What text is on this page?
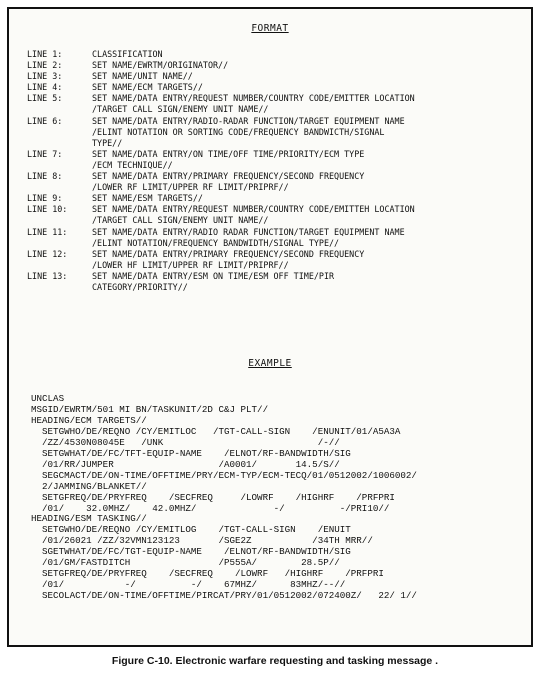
FORMAT
LINE 1:	CLASSIFICATION
LINE 2:	SET NAME/EWRTM/ORIGINATOR//
LINE 3:	SET NAME/UNIT NAME//
LINE 4:	SET NAME/ECM TARGETS//
LINE 5:	SET NAME/DATA ENTRY/REQUEST NUMBER/COUNTRY CODE/EMITTER LOCATION
/TARGET CALL SIGN/ENEMY UNIT NAME//
LINE 6:	SET NAME/DATA ENTRY/RADIO-RADAR FUNCTION/TARGET EQUIPMENT NAME
/ELINT NOTATION OR SORTING CODE/FREQUENCY BANDWICTH/SIGNAL
TYPE//
LINE 7:	SET NAME/DATA ENTRY/ON TIME/OFF TIME/PRIORITY/ECM TYPE
/ECM TECHNIQUE//
LINE 8:	SET NAME/DATA ENTRY/PRIMARY FREQUENCY/SECOND FREQUENCY
/LOWER RF LIMIT/UPPER RF LIMIT/PRIPRF//
LINE 9:	SET NAME/ESM TARGETS//
LINE 10:	SET NAME/DATA ENTRY/REQUEST NUMBER/COUNTRY CODE/EMITTEH LOCATION
/TARGET CALL SIGN/ENEMY UNIT NAME//
LINE 11:	SET NAME/DATA ENTRY/RADIO RADAR FUNCTION/TARGET EQUIPMENT NAME
/ELINT NOTATION/FREQUENCY BANDWIDTH/SIGNAL TYPE//
LINE 12:	SET NAME/DATA ENTRY/PRIMARY FREQUENCY/SECOND FREQUENCY
/LOWER HF LIMIT/UPPER RF LIMIT/PRIPRF//
LINE 13:	SET NAME/DATA ENTRY/ESM ON TIME/ESM OFF TIME/PIR
CATEGORY/PRIORITY//
EXAMPLE
UNCLAS
MSGID/EWRTM/501 MI BN/TASKUNIT/2D C&J PLT//
HEADING/ECM TARGETS//
SETGWHO/DE/REQNO /CY/EMITLOC   /TGT-CALL-SIGN    /ENUNIT/01/A5A3A
/ZZ/4530N08045E   /UNK                            /-//
SETGWHAT/DE/FC/TFT-EQUIP-NAME    /ELNOT/RF-BANDWIDTH/SIG
/01/RR/JUMPER                   /A0001/       14.5/S//
SEGCMACT/DE/ON-TIME/OFFTIME/PRY/ECM-TYP/ECM-TECQ/01/0512002/1006002/
2/JAMMING/BLANKET//
SETGFREQ/DE/PRYFREQ    /SECFREQ     /LOWRF    /HIGHRF    /PRFPRI
/01/    32.0MHZ/    42.0MHZ/              -/          -/PRI10//
HEADING/ESM TASKING//
SETGWHO/DE/REQNO /CY/EMITLOG    /TGT-CALL-SIGN    /ENUIT
/01/26021 /ZZ/32VMN123123       /SGE2Z           /34TH MRR//
SGETWHAT/DE/FC/TGT-EQUIP-NAME    /ELNOT/RF-BANDWIDTH/SIG
/01/GM/FASTDITCH                /P555A/        28.5P//
SETGFREQ/DE/PRYFREQ    /SECFREQ    /LOWRF   /HIGHRF    /PRFPRI
/01/           -/          -/    67MHZ/      83MHZ/--//
SECOLACT/DE/ON-TIME/OFFTIME/PIRCAT/PRY/01/0512002/072400Z/   22/ 1//
Figure C-10. Electronic warfare requesting and tasking message .
